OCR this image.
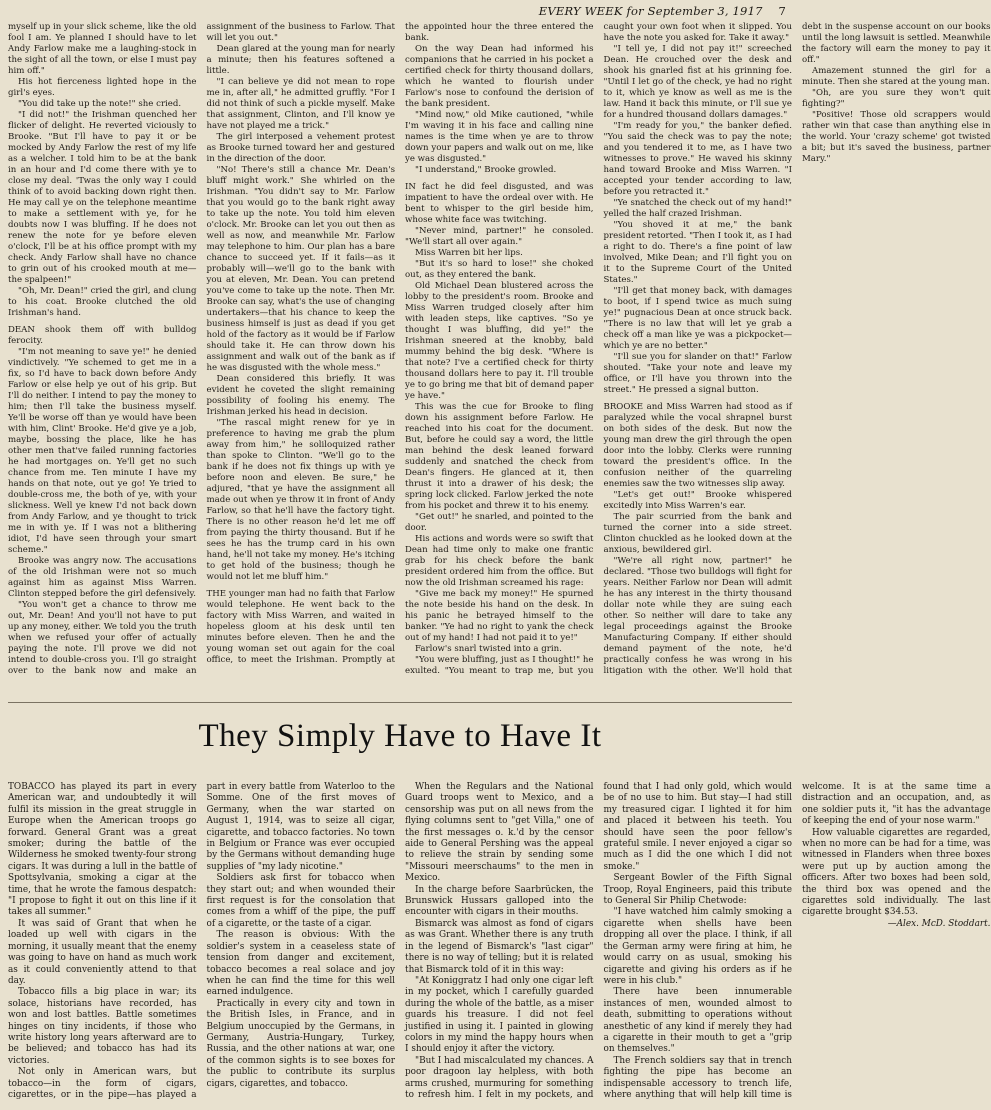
EVERY WEEK for September 3, 1917 7

myself up in your slick scheme, like the old fool I am. Ye planned I should have to let Andy Farlow make me a laughing-stock in the sight of all the town, or else I must pay him off."

His hot fierceness lighted hope in the girl's eyes.

"You did take up the note!" she cried.

"I did not!" the Irishman quenched her flicker of delight. He reverted viciously to Brooke. "But I'll have to pay it or be mocked by Andy Farlow the rest of my life as a welcher. I told him to be at the bank in an hour and I'd come there with ye to close my deal. 'Twas the only way I could think of to avoid backing down right then. He may call ye on the telephone meantime to make a settlement with ye, for he doubts now I was bluffing. If he does not renew the note for ye before eleven o'clock, I'll be at his office prompt with my check. Andy Farlow shall have no chance to grin out of his crooked mouth at me—the spalpeen!"

"Oh, Mr. Dean!" cried the girl, and clung to his coat. Brooke clutched the old Irishman's hand.

DEAN shook them off with bulldog ferocity.

"I'm not meaning to save ye!" he denied vindictively. "Ye schemed to get me in a fix, so I'd have to back down before Andy Farlow or else help ye out of his grip. But I'll do neither. I intend to pay the money to him; then I'll take the business myself. Ye'll be worse off than ye would have been with him, Clint' Brooke. He'd give ye a job, maybe, bossing the place, like he has other men that've failed running factories he had mortgages on. Ye'll get no such chance from me. Ten minute I have my hands on that note, out ye go! Ye tried to double-cross me, the both of ye, with your slickness. Well ye knew I'd not back down from Andy Farlow, and ye thought to trick me in with ye. If I was not a blithering idiot, I'd have seen through your smart scheme."

Brooke was angry now. The accusations of the old Irishman were not so much against him as against Miss Warren. Clinton stepped before the girl defensively.

"You won't get a chance to throw me out, Mr. Dean! And you'll not have to put up any money, either. We told you the truth when we refused your offer of actually paying the note. I'll prove we did not intend to double-cross you. I'll go straight over to the bank now and make an assignment of the business to Farlow. That will let you out."

Dean glared at the young man for nearly a minute; then his features softened a little.

"I can believe ye did not mean to rope me in, after all," he admitted gruffly. "For I did not think of such a pickle myself. Make that assignment, Clinton, and I'll know ye have not played me a trick."

The girl interposed a vehement protest as Brooke turned toward her and gestured in the direction of the door.

"No! There's still a chance Mr. Dean's bluff might work." She whirled on the Irishman. "You didn't say to Mr. Farlow that you would go to the bank right away to take up the note. You told him eleven o'clock. Mr. Brooke can let you out then as well as now, and meanwhile Mr. Farlow may telephone to him. Our plan has a bare chance to succeed yet. If it fails—as it probably will—we'll go to the bank with you at eleven, Mr. Dean. You can pretend you've come to take up the note. Then Mr. Brooke can say, what's the use of changing undertakers—that his chance to keep the business himself is just as dead if you get hold of the factory as it would be if Farlow should take it. He can throw down his assignment and walk out of the bank as if he was disgusted with the whole mess."

Dean considered this briefly. It was evident he coveted the slight remaining possibility of fooling his enemy. The Irishman jerked his head in decision.

"The rascal might renew for ye in preference to having me grab the plum away from him," he soliloquized rather than spoke to Clinton. "We'll go to the bank if he does not fix things up with ye before noon and eleven. Be sure," he adjured, "that ye have the assignment all made out when ye throw it in front of Andy Farlow, so that he'll have the factory tight. There is no other reason he'd let me off from paying the thirty thousand. But if he sees he has the trump card in his own hand, he'll not take my money. He's itching to get hold of the business; though he would not let me bluff him."

THE younger man had no faith that Farlow would telephone. He went back to the factory with Miss Warren, and waited in hopeless gloom at his desk until ten minutes before eleven. Then he and the young woman set out again for the coal office, to meet the Irishman. Promptly at the appointed hour the three entered the bank.

On the way Dean had informed his companions that he carried in his pocket a certified check for thirty thousand dollars, which he wanted to flourish under Farlow's nose to confound the derision of the bank president.

"Mind now," old Mike cautioned, "while I'm waving it in his face and calling nine names is the time when ye are to throw down your papers and walk out on me, like ye was disgusted."

"I understand," Brooke growled.

IN fact he did feel disgusted, and was impatient to have the ordeal over with. He bent to whisper to the girl beside him, whose white face was twitching.

"Never mind, partner!" he consoled. "We'll start all over again."

Miss Warren bit her lips.

"But it's so hard to lose!" she choked out, as they entered the bank.

Old Michael Dean blustered across the lobby to the president's room. Brooke and Miss Warren trudged closely after him with leaden steps, like captives. "So ye thought I was bluffing, did ye!" the Irishman sneered at the knobby, bald mummy behind the big desk. "Where is that note? I've a certified check for thirty thousand dollars here to pay it. I'll trouble ye to go bring me that bit of demand paper ye have."

This was the cue for Brooke to fling down his assignment before Farlow. He reached into his coat for the document. But, before he could say a word, the little man behind the desk leaned forward suddenly and snatched the check from Dean's fingers. He glanced at it, then thrust it into a drawer of his desk; the spring lock clicked. Farlow jerked the note from his pocket and threw it to his enemy.

"Get out!" he snarled, and pointed to the door.

His actions and words were so swift that Dean had time only to make one frantic grab for his check before the bank president ordered him from the office. But now the old Irishman screamed his rage:

"Give me back my money!" He spurned the note beside his hand on the desk. In his panic he betrayed himself to the banker. "Ye had no right to yank the check out of my hand! I had not paid it to ye!"

Farlow's snarl twisted into a grin.

"You were bluffing, just as I thought!" he exulted. "You meant to trap me, but you caught your own foot when it slipped. You have the note you asked for. Take it away."

"I tell ye, I did not pay it!" screeched Dean. He crouched over the desk and shook his gnarled fist at his grinning foe. "Until I let go of the check, ye had no right to it, which ye know as well as me is the law. Hand it back this minute, or I'll sue ye for a hundred thousand dollars damages."

"I'm ready for you," the banker defied. "You said the check was to pay the note; and you tendered it to me, as I have two witnesses to prove." He waved his skinny hand toward Brooke and Miss Warren. "I accepted your tender according to law, before you retracted it."

"Ye snatched the check out of my hand!" yelled the half crazed Irishman.

"You shoved it at me," the bank president retorted. "Then I took it, as I had a right to do. There's a fine point of law involved, Mike Dean; and I'll fight you on it to the Supreme Court of the United States."

"I'll get that money back, with damages to boot, if I spend twice as much suing ye!" pugnacious Dean at once struck back. "There is no law that will let ye grab a check off a man like ye was a pickpocket—which ye are no better."

"I'll sue you for slander on that!" Farlow shouted. "Take your note and leave my office, or I'll have you thrown into the street." He pressed a signal button.

BROOKE and Miss Warren had stood as if paralyzed while the vocal shrapnel burst on both sides of the desk. But now the young man drew the girl through the open door into the lobby. Clerks were running toward the president's office. In the confusion neither of the quarreling enemies saw the two witnesses slip away.

"Let's get out!" Brooke whispered excitedly into Miss Warren's ear.

The pair scurried from the bank and turned the corner into a side street. Clinton chuckled as he looked down at the anxious, bewildered girl.

"We're all right now, partner!" he declared. "Those two bulldogs will fight for years. Neither Farlow nor Dean will admit he has any interest in the thirty thousand dollar note while they are suing each other. So neither will dare to take any legal proceedings against the Brooke Manufacturing Company. If either should demand payment of the note, he'd practically confess he was wrong in his litigation with the other. We'll hold that debt in the suspense account on our books until the long lawsuit is settled. Meanwhile the factory will earn the money to pay it off."

Amazement stunned the girl for a minute. Then she stared at the young man.

"Oh, are you sure they won't quit fighting?"

"Positive! Those old scrappers would rather win that case than anything else in the world. Your 'crazy scheme' got twisted a bit; but it's saved the business, partner Mary."

They Simply Have to Have It

TOBACCO has played its part in every American war, and undoubtedly it will fulfil its mission in the great struggle in Europe when the American troops go forward. General Grant was a great smoker; during the battle of the Wilderness he smoked twenty-four strong cigars. It was during a lull in the battle of Spottsylvania, smoking a cigar at the time, that he wrote the famous despatch: "I propose to fight it out on this line if it takes all summer."

It was said of Grant that when he loaded up well with cigars in the morning, it usually meant that the enemy was going to have on hand as much work as it could conveniently attend to that day.

Tobacco fills a big place in war; its solace, historians have recorded, has won and lost battles. Battle sometimes hinges on tiny incidents, if those who write history long years afterward are to be believed; and tobacco has had its victories.

Not only in American wars, but tobacco—in the form of cigars, cigarettes, or in the pipe—has played a part in every battle from Waterloo to the Somme. One of the first moves of Germany, when the war started on August 1, 1914, was to seize all cigar, cigarette, and tobacco factories. No town in Belgium or France was ever occupied by the Germans without demanding huge supplies of "my lady nicotine."

Soldiers ask first for tobacco when they start out; and when wounded their first request is for the consolation that comes from a whiff of the pipe, the puff of a cigarette, or the taste of a cigar.

The reason is obvious: With the soldier's system in a ceaseless state of tension from danger and excitement, tobacco becomes a real solace and joy when he can find the time for this well earned indulgence.

Practically in every city and town in the British Isles, in France, and in Belgium unoccupied by the Germans, in Germany, Austria-Hungary, Turkey, Russia, and the other nations at war, one of the common sights is to see boxes for the public to contribute its surplus cigars, cigarettes, and tobacco.

When the Regulars and the National Guard troops went to Mexico, and a censorship was put on all news from the flying columns sent to "get Villa," one of the first messages o. k.'d by the censor aide to General Pershing was the appeal to relieve the strain by sending some "Missouri meerschaums" to the men in Mexico.

In the charge before Saarbrücken, the Brunswick Hussars galloped into the encounter with cigars in their mouths.

Bismarck was almost as fond of cigars as was Grant. Whether there is any truth in the legend of Bismarck's "last cigar" there is no way of telling; but it is related that Bismarck told of it in this way:

"At Koniggratz I had only one cigar left in my pocket, which I carefully guarded during the whole of the battle, as a miser guards his treasure. I did not feel justified in using it. I painted in glowing colors in my mind the happy hours when I should enjoy it after the victory.

"But I had miscalculated my chances. A poor dragoon lay helpless, with both arms crushed, murmuring for something to refresh him. I felt in my pockets, and found that I had only gold, which would be of no use to him. But stay—I had still my treasured cigar. I lighted it for him and placed it between his teeth. You should have seen the poor fellow's grateful smile. I never enjoyed a cigar so much as I did the one which I did not smoke."

Sergeant Bowler of the Fifth Signal Troop, Royal Engineers, paid this tribute to General Sir Philip Chetwode:

"I have watched him calmly smoking a cigarette when shells have been dropping all over the place. I think, if all the German army were firing at him, he would carry on as usual, smoking his cigarette and giving his orders as if he were in his club."

There have been innumerable instances of men, wounded almost to death, submitting to operations without anesthetic of any kind if merely they had a cigarette in their mouth to get a "grip on themselves."

The French soldiers say that in trench fighting the pipe has become an indispensable accessory to trench life, where anything that will help kill time is welcome. It is at the same time a distraction and an occupation, and, as one soldier puts it, "it has the advantage of keeping the end of your nose warm."

How valuable cigarettes are regarded, when no more can be had for a time, was witnessed in Flanders when three boxes were put up by auction among the officers. After two boxes had been sold, the third box was opened and the cigarettes sold individually. The last cigarette brought $34.53.

—Alex. McD. Stoddart.
